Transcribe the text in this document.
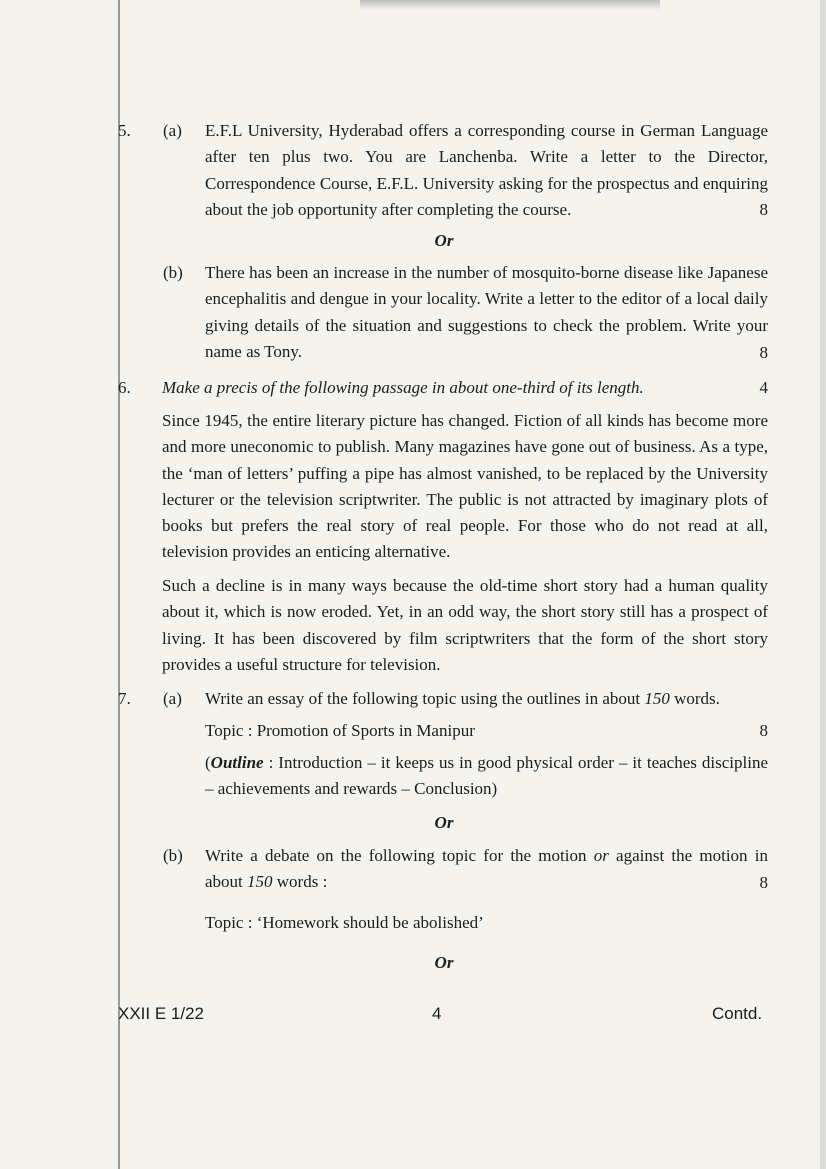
5. (a) E.F.L University, Hyderabad offers a corresponding course in German Language after ten plus two. You are Lanchenba. Write a letter to the Director, Correspondence Course, E.F.L. University asking for the prospectus and enquiring about the job opportunity after completing the course.	8
Or
(b) There has been an increase in the number of mosquito-borne disease like Japanese encephalitis and dengue in your locality. Write a letter to the editor of a local daily giving details of the situation and suggestions to check the problem. Write your name as Tony.	8
6. Make a precis of the following passage in about one-third of its length.	4
Since 1945, the entire literary picture has changed. Fiction of all kinds has become more and more uneconomic to publish. Many magazines have gone out of business. As a type, the ‘man of letters’ puffing a pipe has almost vanished, to be replaced by the University lecturer or the television scriptwriter. The public is not attracted by imaginary plots of books but prefers the real story of real people. For those who do not read at all, television provides an enticing alternative.
Such a decline is in many ways because the old-time short story had a human quality about it, which is now eroded. Yet, in an odd way, the short story still has a prospect of living. It has been discovered by film scriptwriters that the form of the short story provides a useful structure for television.
7. (a) Write an essay of the following topic using the outlines in about 150 words.
Topic : Promotion of Sports in Manipur	8
(Outline : Introduction – it keeps us in good physical order – it teaches discipline – achievements and rewards – Conclusion)
Or
(b) Write a debate on the following topic for the motion or against the motion in about 150 words :	8
Topic : ‘Homework should be abolished’
Or
XXII E 1/22	4	Contd.
